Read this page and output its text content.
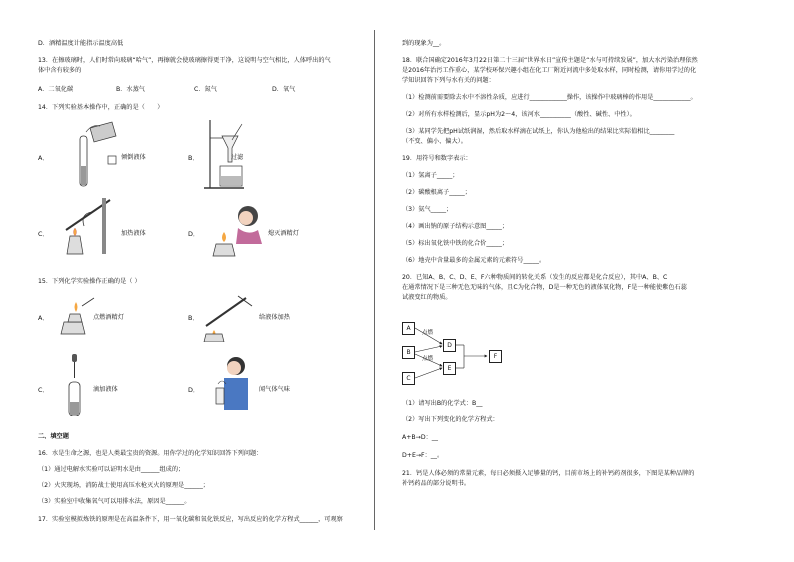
D．酒精温度计能指示温度高低
13．在擦玻璃时，人们时常向玻璃“哈气”，再擦就会使玻璃擦得更干净，这说明与空气相比，人体呼出的气
体中含有较多的
A．二氧化碳	B．水蒸气	C．氮气	D．氧气
14．下列实验基本操作中，正确的是（　　）
A．	倾倒液体	B．	过滤
C．	加热液体	D．	熄灭酒精灯
15．下列化学实验操作正确的是（ ）
A．	点燃酒精灯	B．	给液体加热
C．	滴加液体	D．	闻气体气味
二、填空题
16．水是生命之源，也是人类最宝贵的资源。用你学过的化学知识回答下列问题：
（1）通过电解水实验可以证明水是由______组成的；
（2）火灾现场，消防战士使用高压水枪灭火的原理是______；
（3）实验室中收集氧气可以用排水法，原因是______。
17．实验室模拟炼铁的原理是在高温条件下，用一氧化碳和氧化铁反应，写出反应的化学方程式______，可观察
到的现象为__。
18．联合国确定2016年3月22日第二十三届“世界水日”宣传主题是“水与可持续发展”，加大水污染治理依然
是2016年治污工作重心，某学校环保兴趣小组在化工厂附近河流中多处取水样，同时检测，请你用学过的化
学知识回答下列与水有关的问题：
（1）检测前需要除去水中不溶性杂质，应进行____________操作，该操作中玻璃棒的作用是____________。
（2）对所有水样检测后，显示pH为2～4，该河水__________（酸性、碱性、中性）。
（3）某同学先把pH试纸润湿，然后取水样滴在试纸上，你认为他检出的结果比实际值相比________
（不变、偏小、偏大）。
19．用符号和数字表示：
（1）氢离子_____；
（2）碳酸根离子_____；
（3）氨气_____；
（4）画出钠的原子结构示意图_____；
（5）标出氧化铁中铁的化合价_____；
（6）地壳中含量最多的金属元素的元素符号_____。
20．已知A、B、C、D、E、F六种物质间的转化关系（发生的反应都是化合反应），其中A、B、C
在通常情况下是三种无色无味的气体，且C为化合物，D是一种无色的液体氧化物，F是一种能使紫色石蕊
试液变红的物质。
A
B
C
D
E
F
点燃
点燃
（1）请写出B的化学式：B__
（2）写出下列变化的化学方程式：
A+B→D：__
D+E→F：__。
21．钙是人体必须的常量元素，每日必须摄入足够量的钙，目前市场上的补钙药剂很多，下图是某种品牌的
补钙药品的部分说明书。
